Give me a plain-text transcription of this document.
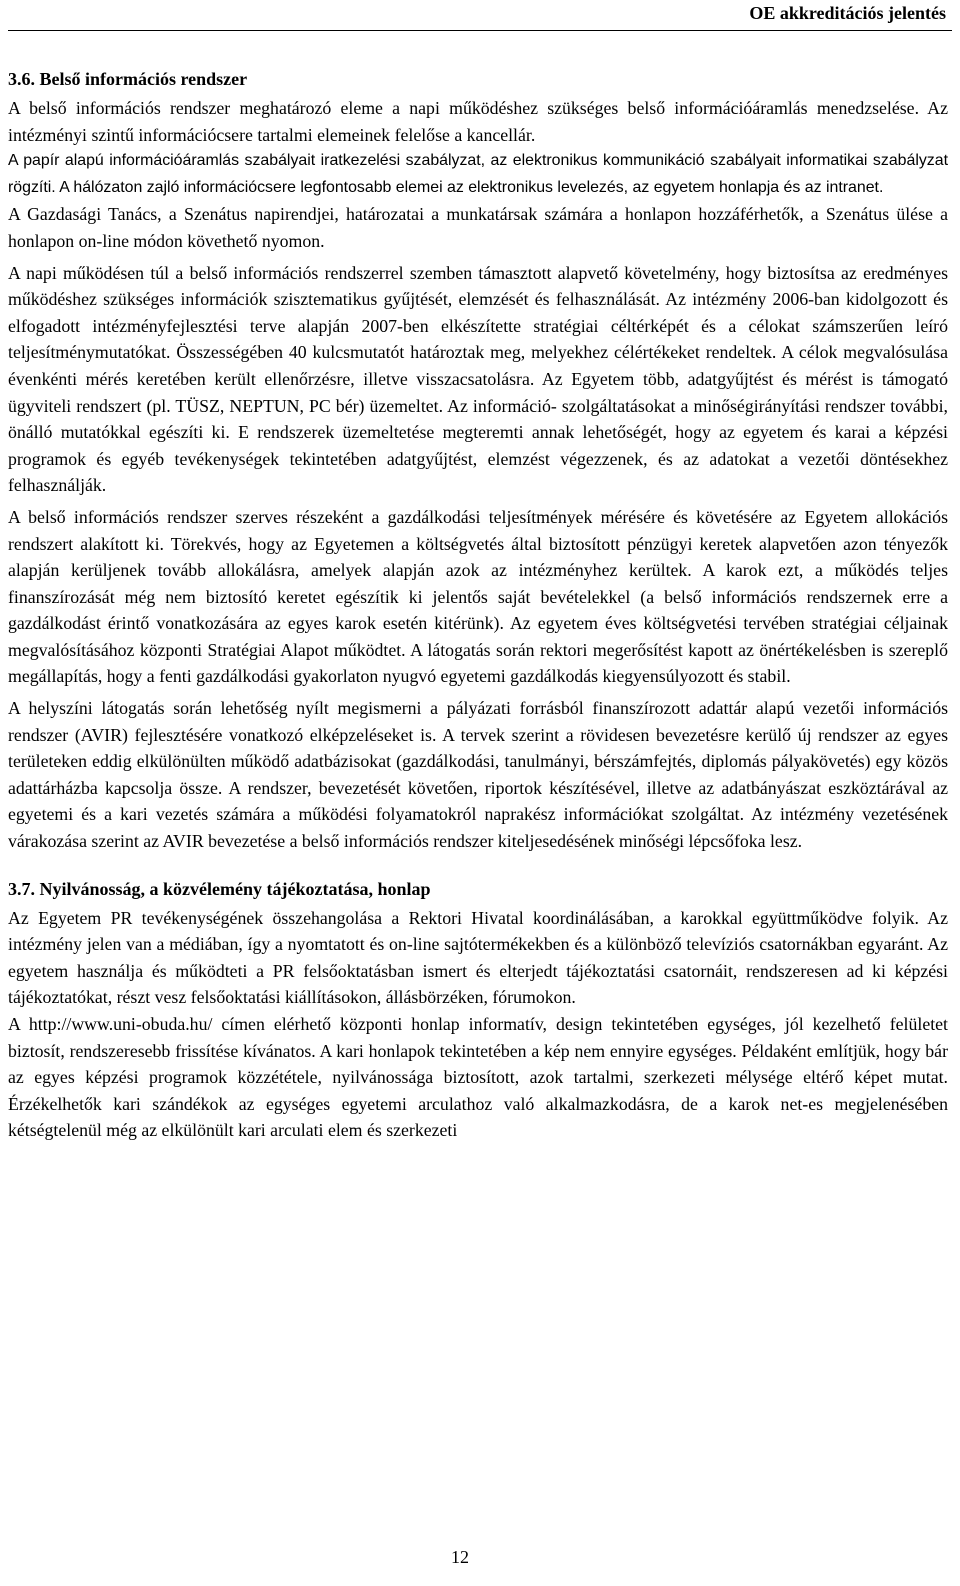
OE akkreditációs jelentés
3.6. Belső információs rendszer
A belső információs rendszer meghatározó eleme a napi működéshez szükséges belső információáramlás menedzselése. Az intézményi szintű információcsere tartalmi elemeinek felelőse a kancellár.
A papír alapú információáramlás szabályait iratkezelési szabályzat, az elektronikus kommunikáció szabályait informatikai szabályzat rögzíti. A hálózaton zajló információcsere legfontosabb elemei az elektronikus levelezés, az egyetem honlapja és az intranet.
A Gazdasági Tanács, a Szenátus napirendjei, határozatai a munkatársak számára a honlapon hozzáférhetők, a Szenátus ülése a honlapon on-line módon követhető nyomon.
A napi működésen túl a belső információs rendszerrel szemben támasztott alapvető követelmény, hogy biztosítsa az eredményes működéshez szükséges információk szisztematikus gyűjtését, elemzését és felhasználását. Az intézmény 2006-ban kidolgozott és elfogadott intézményfejlesztési terve alapján 2007-ben elkészítette stratégiai céltérképét és a célokat számszerűen leíró teljesítménymutatókat. Összességében 40 kulcsmutatót határoztak meg, melyekhez célértékeket rendeltek. A célok megvalósulása évenkénti mérés keretében került ellenőrzésre, illetve visszacsatolásra. Az Egyetem több, adatgyűjtést és mérést is támogató ügyviteli rendszert (pl. TÜSZ, NEPTUN, PC bér) üzemeltet. Az információ- szolgáltatásokat a minőségirányítási rendszer további, önálló mutatókkal egészíti ki. E rendszerek üzemeltetése megteremti annak lehetőségét, hogy az egyetem és karai a képzési programok és egyéb tevékenységek tekintetében adatgyűjtést, elemzést végezzenek, és az adatokat a vezetői döntésekhez felhasználják.
A belső információs rendszer szerves részeként a gazdálkodási teljesítmények mérésére és követésére az Egyetem allokációs rendszert alakított ki. Törekvés, hogy az Egyetemen a költségvetés által biztosított pénzügyi keretek alapvetően azon tényezők alapján kerüljenek tovább allokálásra, amelyek alapján azok az intézményhez kerültek. A karok ezt, a működés teljes finanszírozását még nem biztosító keretet egészítik ki jelentős saját bevételekkel (a belső információs rendszernek erre a gazdálkodást érintő vonatkozására az egyes karok esetén kitérünk). Az egyetem éves költségvetési tervében stratégiai céljainak megvalósításához központi Stratégiai Alapot működtet. A látogatás során rektori megerősítést kapott az önértékelésben is szereplő megállapítás, hogy a fenti gazdálkodási gyakorlaton nyugvó egyetemi gazdálkodás kiegyensúlyozott és stabil.
A helyszíni látogatás során lehetőség nyílt megismerni a pályázati forrásból finanszírozott adattár alapú vezetői információs rendszer (AVIR) fejlesztésére vonatkozó elképzeléseket is. A tervek szerint a rövidesen bevezetésre kerülő új rendszer az egyes területeken eddig elkülönülten működő adatbázisokat (gazdálkodási, tanulmányi, bérszámfejtés, diplomás pályakövetés) egy közös adattárházba kapcsolja össze. A rendszer, bevezetését követően, riportok készítésével, illetve az adatbányászat eszköztárával az egyetemi és a kari vezetés számára a működési folyamatokról naprakész információkat szolgáltat. Az intézmény vezetésének várakozása szerint az AVIR bevezetése a belső információs rendszer kiteljesedésének minőségi lépcsőfoka lesz.
3.7. Nyilvánosság, a közvélemény tájékoztatása, honlap
Az Egyetem PR tevékenységének összehangolása a Rektori Hivatal koordinálásában, a karokkal együttműködve folyik. Az intézmény jelen van a médiában, így a nyomtatott és on-line sajtótermékekben és a különböző televíziós csatornákban egyaránt. Az egyetem használja és működteti a PR felsőoktatásban ismert és elterjedt tájékoztatási csatornáit, rendszeresen ad ki képzési tájékoztatókat, részt vesz felsőoktatási kiállításokon, állásbörzéken, fórumokon.
A http://www.uni-obuda.hu/ címen elérhető központi honlap informatív, design tekintetében egységes, jól kezelhető felületet biztosít, rendszeresebb frissítése kívánatos. A kari honlapok tekintetében a kép nem ennyire egységes. Példaként említjük, hogy bár az egyes képzési programok közzététele, nyilvánossága biztosított, azok tartalmi, szerkezeti mélysége eltérő képet mutat. Érzékelhetők kari szándékok az egységes egyetemi arculathoz való alkalmazkodásra, de a karok net-es megjelenésében kétségtelenül még az elkülönült kari arculati elem és szerkezeti
12
